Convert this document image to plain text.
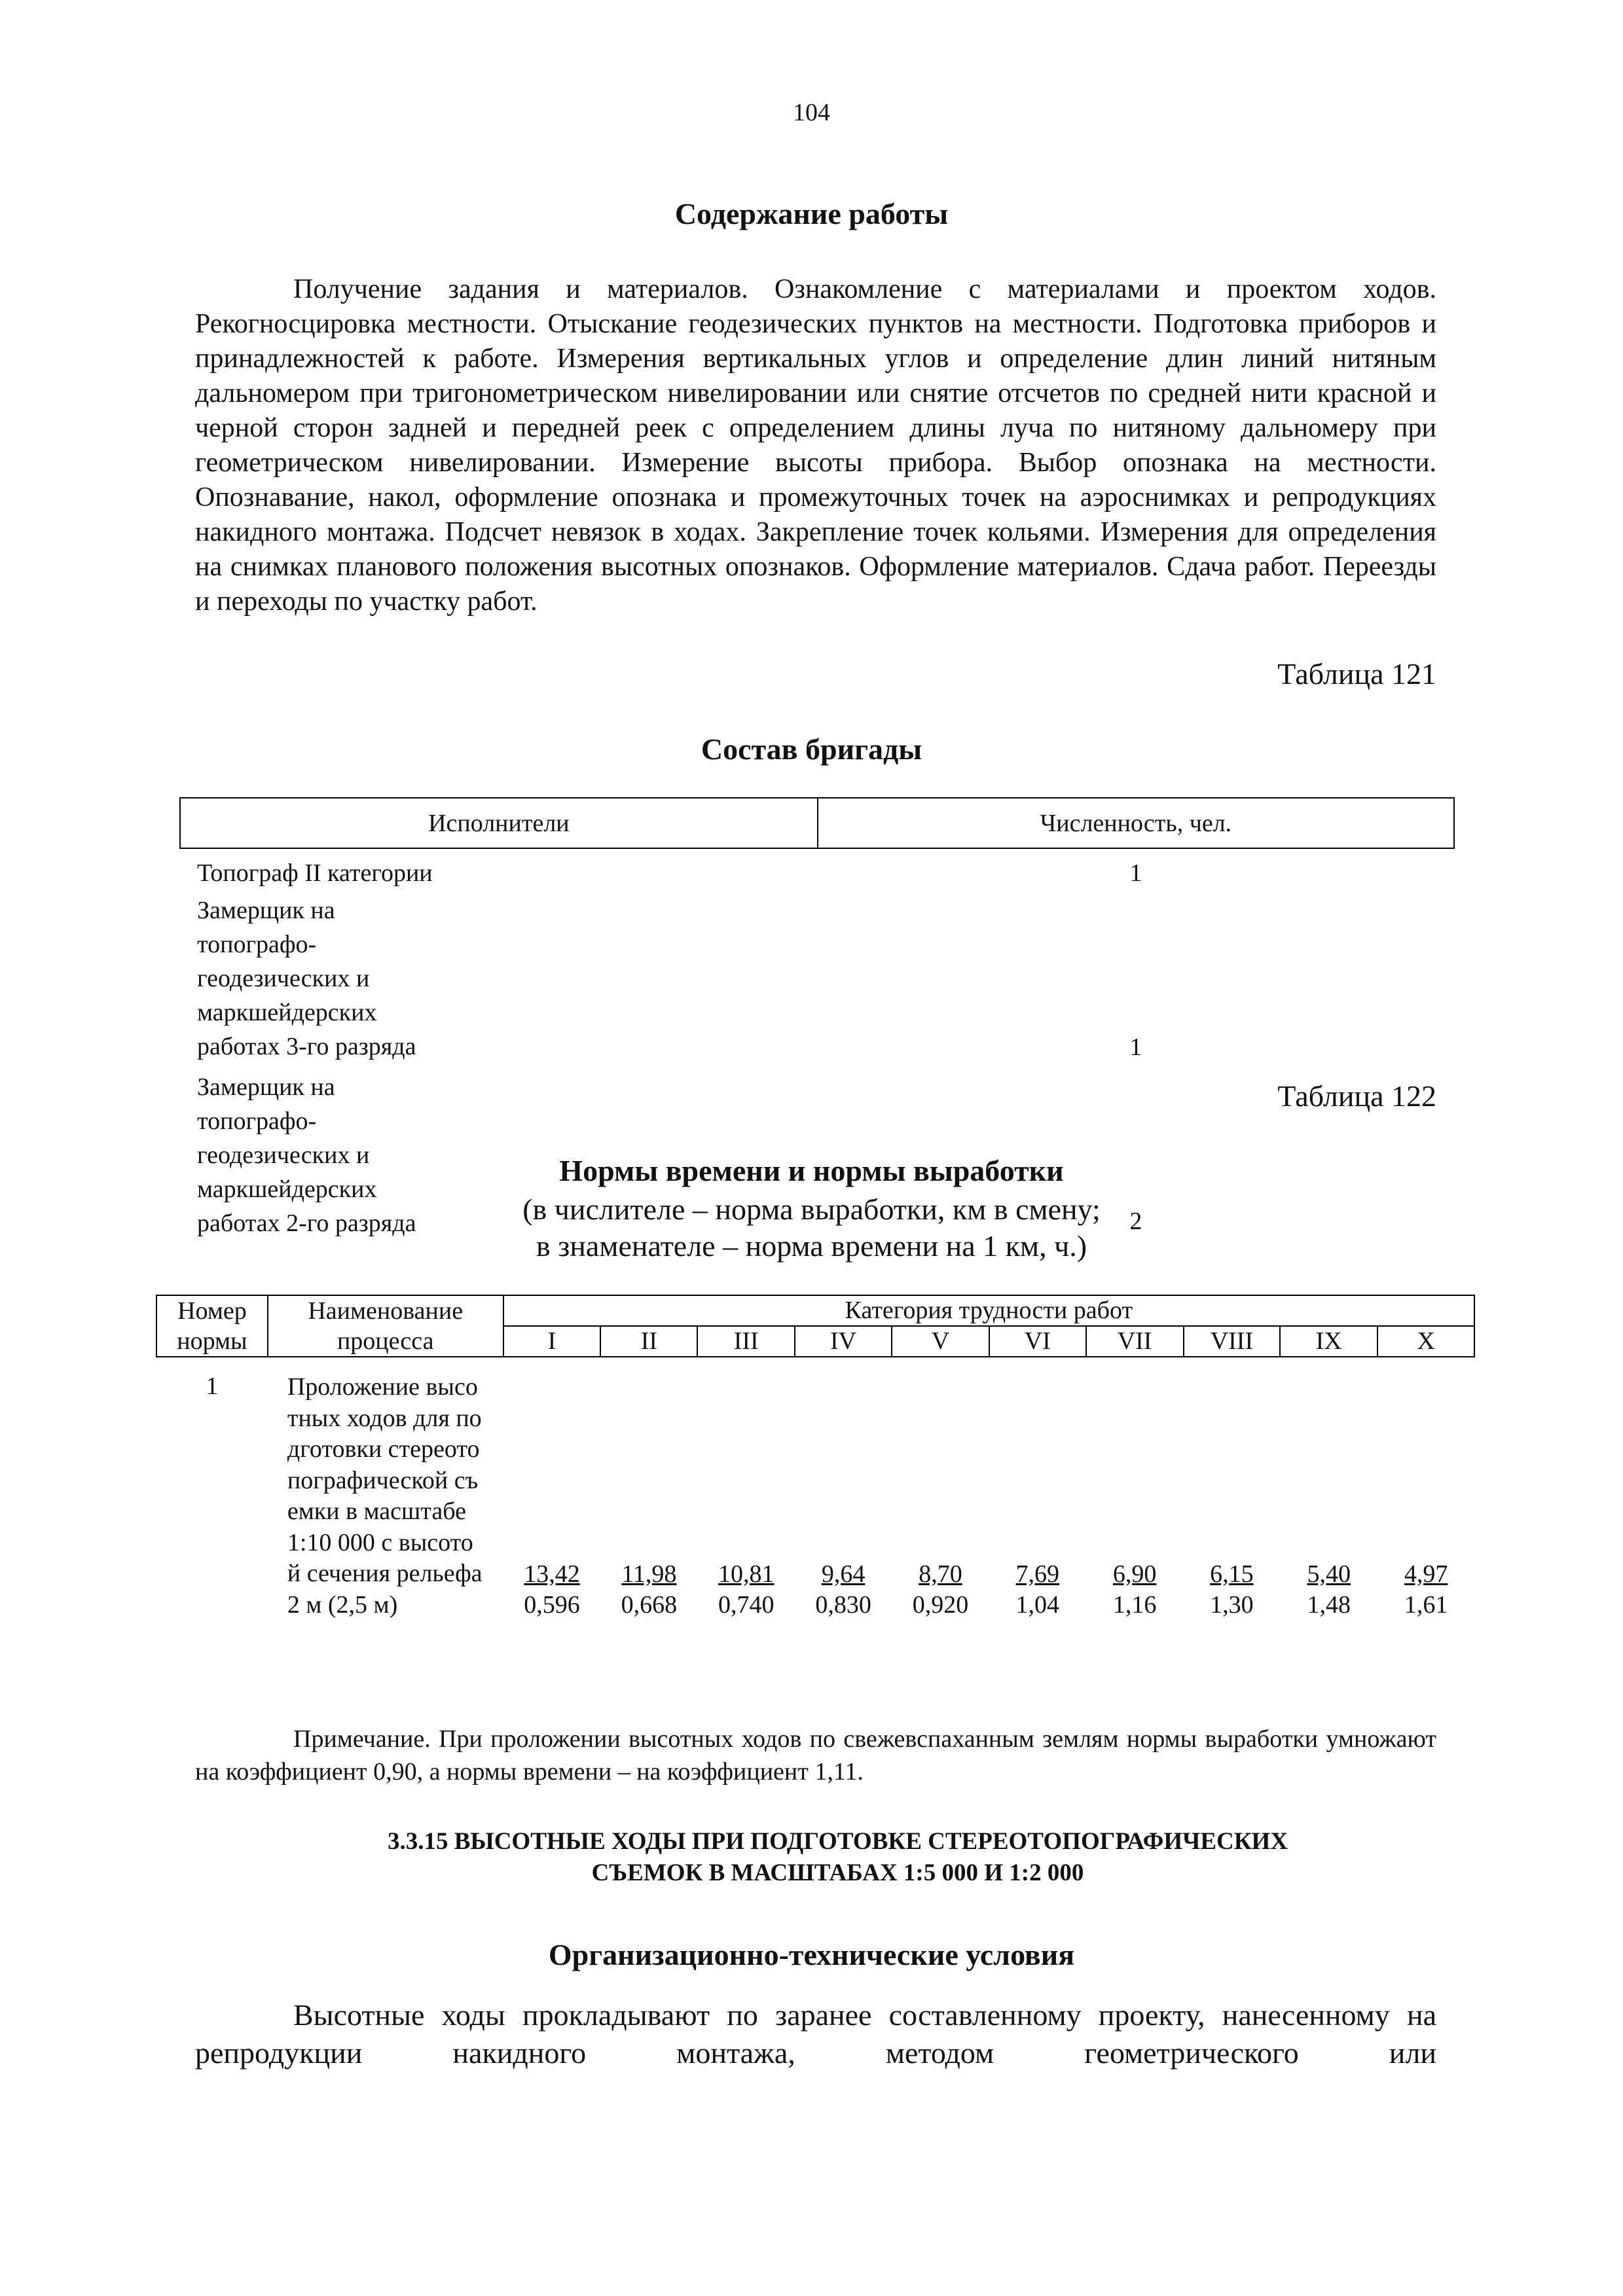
104
Содержание работы
Получение задания и материалов. Ознакомление с материалами и проектом ходов. Рекогносцировка местности. Отыскание геодезических пунктов на местности. Подготовка приборов и принадлежностей к работе. Измерения вертикальных углов и определение длин линий нитяным дальномером при тригонометрическом нивелировании или снятие отсчетов по средней нити красной и черной сторон задней и передней реек с определением длины луча по нитяному дальномеру при геометрическом нивелировании. Измерение высоты прибора. Выбор опознака на местности. Опознавание, накол, оформление опознака и промежуточных точек на аэроснимках и репродукциях накидного монтажа. Подсчет невязок в ходах. Закрепление точек кольями. Измерения для определения на снимках планового положения высотных опознаков. Оформление материалов. Сдача работ. Переезды и переходы по участку работ.
Таблица 121
Состав бригады
Исполнители	Численность, чел.
Топограф II категории	1
Замерщик на топографо-геодезических и маркшейдерских работах 3-го разряда	1
Замерщик на топографо-геодезических и маркшейдерских работах 2-го разряда	2
Таблица 122
Нормы времени и нормы выработки
(в числителе – норма выработки, км в смену;
в знаменателе – норма времени на 1 км, ч.)
Номер	Наименование	Категория трудности работ									
нормы	процесса	I	II	III	IV	V	VI	VII	VIII	IX	X
1	Проложение высотных ходов для подготовки стереотопографической съемки в масштабе 1:10 000 с высотой сечения рельефа 2 м (2,5 м)	$\frac{13,42}{0,596}$	$\frac{11,98}{0,668}$	$\frac{10,81}{0,740}$	$\frac{9,64}{0,830}$	$\frac{8,70}{0,920}$	$\frac{7,69}{1,04}$	$\frac{6,90}{1,16}$	$\frac{6,15}{1,30}$	$\frac{5,40}{1,48}$	$\frac{4,97}{1,61}$
Примечание. При проложении высотных ходов по свежевспаханным землям нормы выработки умножают на коэффициент 0,90, а нормы времени – на коэффициент 1,11.
3.3.15 ВЫСОТНЫЕ ХОДЫ ПРИ ПОДГОТОВКЕ СТЕРЕОТОПОГРАФИЧЕСКИХ
СЪЕМОК В МАСШТАБАХ 1:5 000 И 1:2 000
Организационно-технические условия
Высотные ходы прокладывают по заранее составленному проекту, нанесенному на репродукции накидного монтажа, методом геометрического или
